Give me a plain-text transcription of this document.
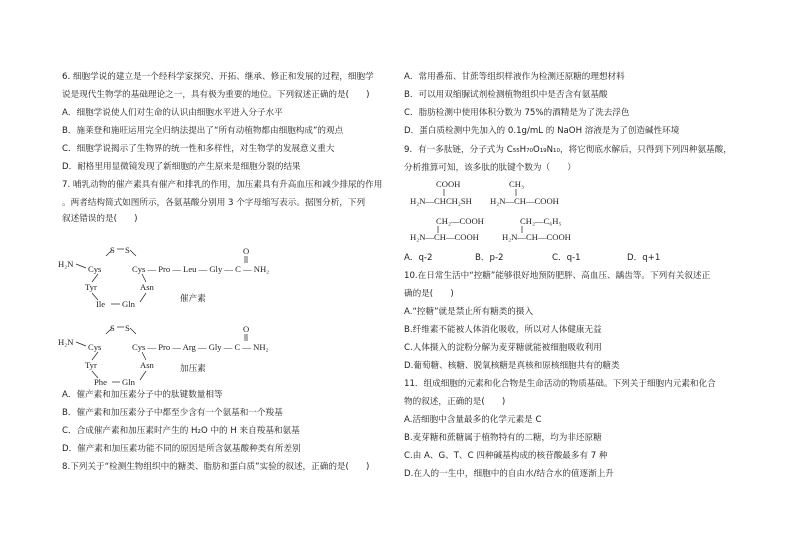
6. 细胞学说的建立是一个经科学家探究、开拓、继承、修正和发展的过程，细胞学
说是现代生物学的基础理论之一，具有极为重要的地位。下列叙述正确的是(　　)
A．细胞学说使人们对生命的认识由细胞水平进入分子水平
B．施莱登和施旺运用完全归纳法提出了“所有动植物都由细胞构成”的观点
C．细胞学说揭示了生物界的统一性和多样性，对生物学的发展意义重大
D．耐格里用显微镜发现了新细胞的产生原来是细胞分裂的结果
7. 哺乳动物的催产素具有催产和排乳的作用，加压素具有升高血压和减少排尿的作用
。两者结构简式如图所示，各氨基酸分别用 3 个字母缩写表示。据图分析，下列
叙述错误的是(　　)
S S
H₂N Cys	Cys — Pro — Leu — Gly — C — NH₂
O
Tyr	Asn
Ile Gln	催产素
S S
H₂N Cys	Cys — Pro — Arg — Gly — C — NH₂
O
Tyr	Asn
Phe Gln
加压素
A．催产素和加压素分子中的肽键数量相等
B．催产素和加压素分子中都至少含有一个氨基和一个羧基
C．合成催产素和加压素时产生的 H₂O 中的 H 来自羧基和氨基
D．催产素和加压素功能不同的原因是所含氨基酸种类有所差别
8.下列关于“检测生物组织中的糖类、脂肪和蛋白质”实验的叙述，正确的是(　　)
A．常用番茄、甘蔗等组织样液作为检测还原糖的理想材料
B．可以用双缩脲试剂检测植物组织中是否含有氨基酸
C．脂肪检测中使用体积分数为 75%的酒精是为了洗去浮色
D．蛋白质检测中先加入的 0.1g/mL 的 NaOH 溶液是为了创造碱性环境
9．有一多肽链，分子式为 C₅₅H₇₀O₁₉N₁₀，将它彻底水解后，只得到下列四种氨基酸，
分析推算可知，该多肽的肽键个数为（　　）
COOH
H₂N—CHCH₂SH
CH₃
H₂N—CH—COOH
CH₂—COOH
H₂N—CH—COOH
CH₂—C₆H₅
H₂N—CH—COOH
A．q-2	B．p-2	C．q-1	D．q+1
10.在日常生活中“控糖”能够很好地预防肥胖、高血压、龋齿等。下列有关叙述正
确的是(　　)
A.“控糖”就是禁止所有糖类的摄入
B.纤维素不能被人体消化吸收，所以对人体健康无益
C.人体摄入的淀粉分解为麦芽糖就能被细胞吸收利用
D.葡萄糖、核糖、脱氧核糖是真核和原核细胞共有的糖类
11．组成细胞的元素和化合物是生命活动的物质基础。下列关于细胞内元素和化合
物的叙述，正确的是(　　)
A.活细胞中含量最多的化学元素是 C
B.麦芽糖和蔗糖属于植物特有的二糖，均为非还原糖
C.由 A、G、T、C 四种碱基构成的核苷酸最多有 7 种
D.在人的一生中，细胞中的自由水/结合水的值逐渐上升
